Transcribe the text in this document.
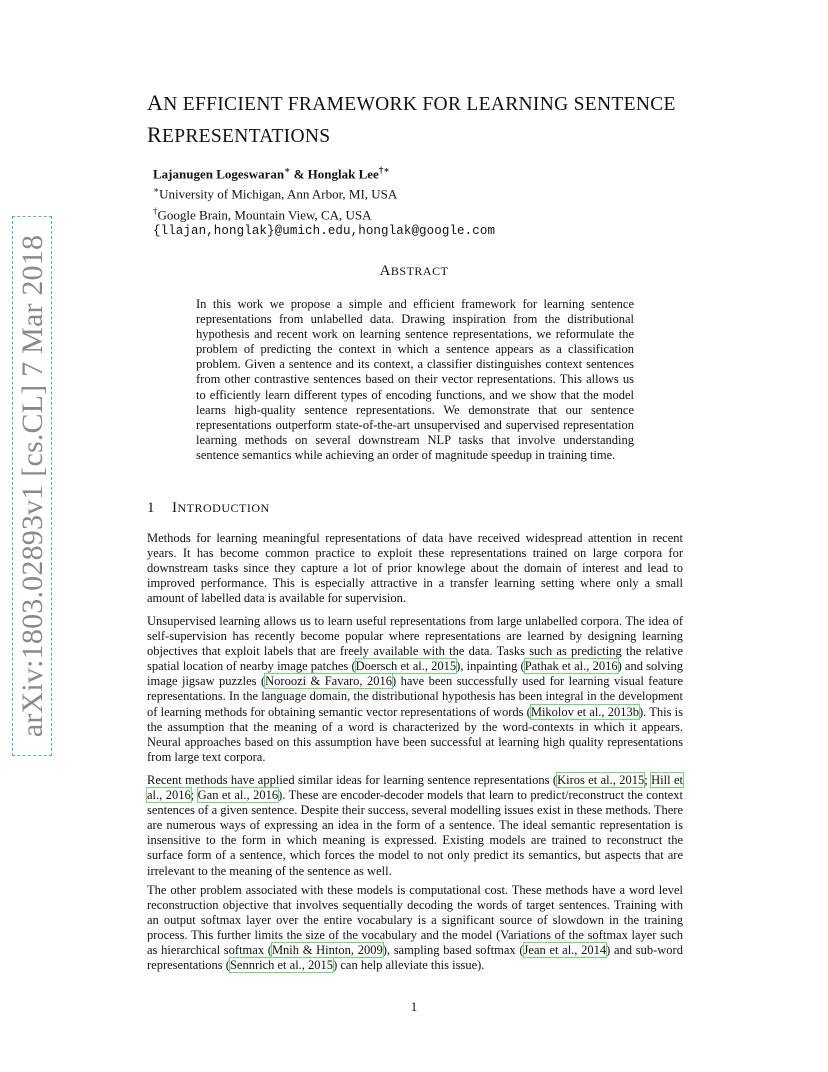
arXiv:1803.02893v1 [cs.CL] 7 Mar 2018
AN EFFICIENT FRAMEWORK FOR LEARNING SENTENCE
REPRESENTATIONS
Lajanugen Logeswaran∗ & Honglak Lee†∗
∗University of Michigan, Ann Arbor, MI, USA
†Google Brain, Mountain View, CA, USA
{llajan,honglak}@umich.edu,honglak@google.com
ABSTRACT
In this work we propose a simple and efficient framework for learning sentence representations from unlabelled data. Drawing inspiration from the distributional hypothesis and recent work on learning sentence representations, we reformulate the problem of predicting the context in which a sentence appears as a classification problem. Given a sentence and its context, a classifier distinguishes context sentences from other contrastive sentences based on their vector representations. This allows us to efficiently learn different types of encoding functions, and we show that the model learns high-quality sentence representations. We demonstrate that our sentence representations outperform state-of-the-art unsupervised and supervised representation learning methods on several downstream NLP tasks that involve understanding sentence semantics while achieving an order of magnitude speedup in training time.
1 INTRODUCTION

Methods for learning meaningful representations of data have received widespread attention in recent years. It has become common practice to exploit these representations trained on large corpora for downstream tasks since they capture a lot of prior knowlege about the domain of interest and lead to improved performance. This is especially attractive in a transfer learning setting where only a small amount of labelled data is available for supervision.

Unsupervised learning allows us to learn useful representations from large unlabelled corpora. The idea of self-supervision has recently become popular where representations are learned by designing learning objectives that exploit labels that are freely available with the data. Tasks such as predicting the relative spatial location of nearby image patches (Doersch et al., 2015), inpainting (Pathak et al., 2016) and solving image jigsaw puzzles (Noroozi & Favaro, 2016) have been successfully used for learning visual feature representations. In the language domain, the distributional hypothesis has been integral in the development of learning methods for obtaining semantic vector representations of words (Mikolov et al., 2013b). This is the assumption that the meaning of a word is characterized by the word-contexts in which it appears. Neural approaches based on this assumption have been successful at learning high quality representations from large text corpora.

Recent methods have applied similar ideas for learning sentence representations (Kiros et al., 2015; Hill et al., 2016; Gan et al., 2016). These are encoder-decoder models that learn to predict/reconstruct the context sentences of a given sentence. Despite their success, several modelling issues exist in these methods. There are numerous ways of expressing an idea in the form of a sentence. The ideal semantic representation is insensitive to the form in which meaning is expressed. Existing models are trained to reconstruct the surface form of a sentence, which forces the model to not only predict its semantics, but aspects that are irrelevant to the meaning of the sentence as well.

The other problem associated with these models is computational cost. These methods have a word level reconstruction objective that involves sequentially decoding the words of target sentences. Training with an output softmax layer over the entire vocabulary is a significant source of slowdown in the training process. This further limits the size of the vocabulary and the model (Variations of the softmax layer such as hierarchical softmax (Mnih & Hinton, 2009), sampling based softmax (Jean et al., 2014) and sub-word representations (Sennrich et al., 2015) can help alleviate this issue).

1
